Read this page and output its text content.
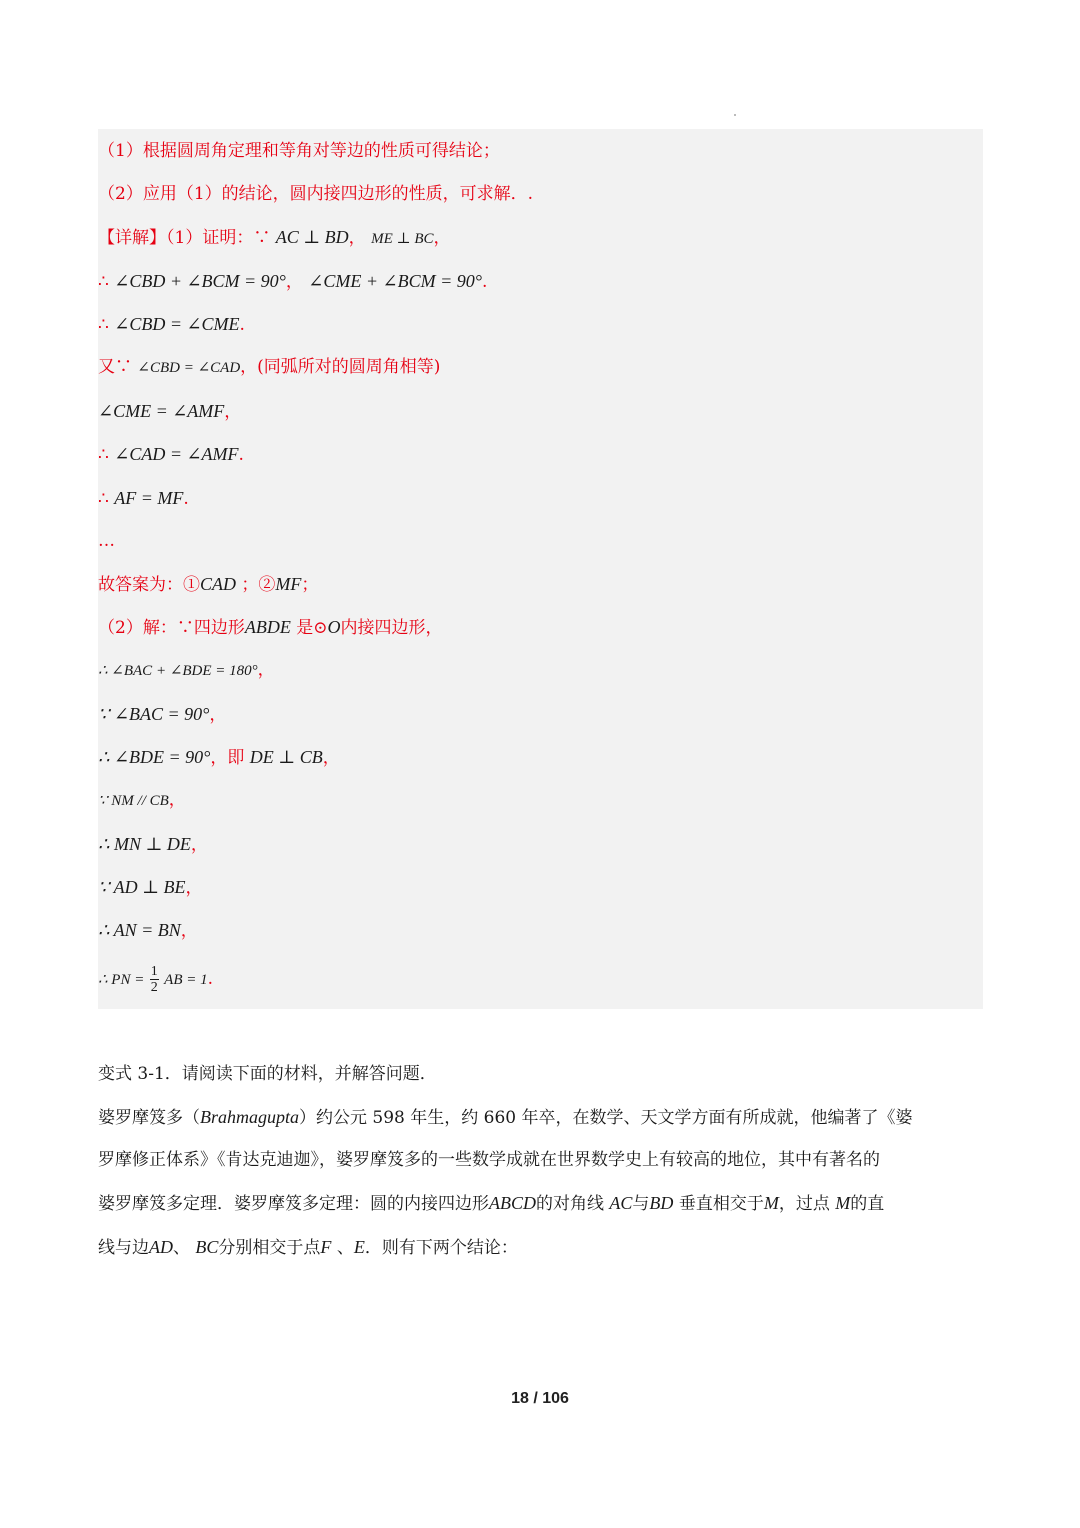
（1）根据圆周角定理和等角对等边的性质可得结论；
（2）应用（1）的结论，圆内接四边形的性质，可求解．.
【详解】（1）证明：∵ AC ⊥ BD， ME ⊥ BC，
∴ ∠CBD + ∠BCM = 90°， ∠CME + ∠BCM = 90°.
∴ ∠CBD = ∠CME.
又∵ ∠CBD = ∠CAD，(同弧所对的圆周角相等)
∠CME = ∠AMF，
∴ ∠CAD = ∠AMF.
∴ AF = MF.
…
故答案为：①CAD ；②MF；
（2）解：∵四边形ABDE 是⊙O内接四边形，
∴ ∠BAC + ∠BDE = 180°，
∵ ∠BAC = 90°，
∴ ∠BDE = 90°，即 DE ⊥ CB，
∵ NM // CB，
∴ MN ⊥ DE，
∵ AD ⊥ BE，
∴ AN = BN，
∴ PN = $\frac{1}{2}$ AB = 1.
变式 3-1．请阅读下面的材料，并解答问题．
婆罗摩笈多（Brahmagupta）约公元 598 年生，约 660 年卒，在数学、天文学方面有所成就，他编著了《婆
罗摩修正体系》《肯达克迪迦》，婆罗摩笈多的一些数学成就在世界数学史上有较高的地位，其中有著名的
婆罗摩笈多定理．婆罗摩笈多定理：圆的内接四边形ABCD的对角线 AC与BD 垂直相交于M，过点 M的直
线与边AD、 BC分别相交于点F 、E．则有下两个结论：
18 / 106
